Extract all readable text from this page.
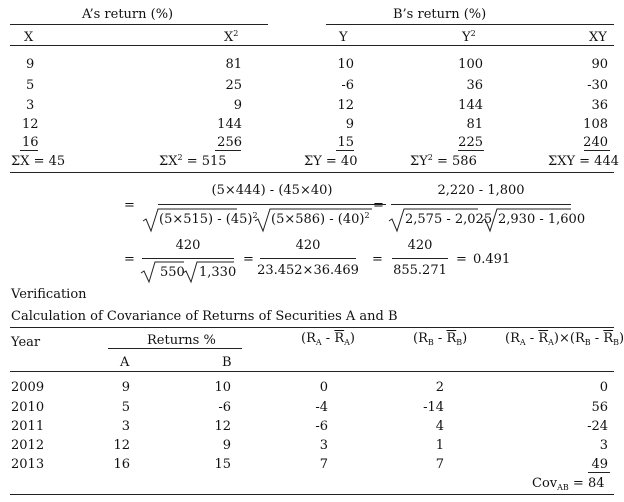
A’s return (%)	B’s return (%)
X	$X^2$	Y	$Y^2$	XY
9	81	10	100	90
5	25	-6	36	-30
3	9	12	144	36
12	144	9	81	108
16	256	15	225	240
ΣX = 45	$\Sigma X^2 = 515$	ΣY = 40	$\Sigma Y^2 = 586$	ΣXY = 444
=
(5×444) - (45×40)
$(5\times 515) - (45)^2$ $(5\times 586) - (40)^2$
=
2,220 - 1,800
2,575 - 2,025 2,930 - 1,600
=
420
550 1,330
=
420
23.452×36.469
=
420
855.271
= 0.491
Verification
Calculation of Covariance of Returns of Securities A and B
Year	Returns %
A	B
$(R_A - \overline{R}_A)$	$(R_B - \overline{R}_B)$	$(R_A - \overline{R}_A)\times(R_B - \overline{R}_B)$
2009	9	10	0	2	0
2010	5	-6	-4	-14	56
2011	3	12	-6	4	-24
2012	12	9	3	1	3
2013	16	15	7	7	49
Cov$_{AB}$ = 84
